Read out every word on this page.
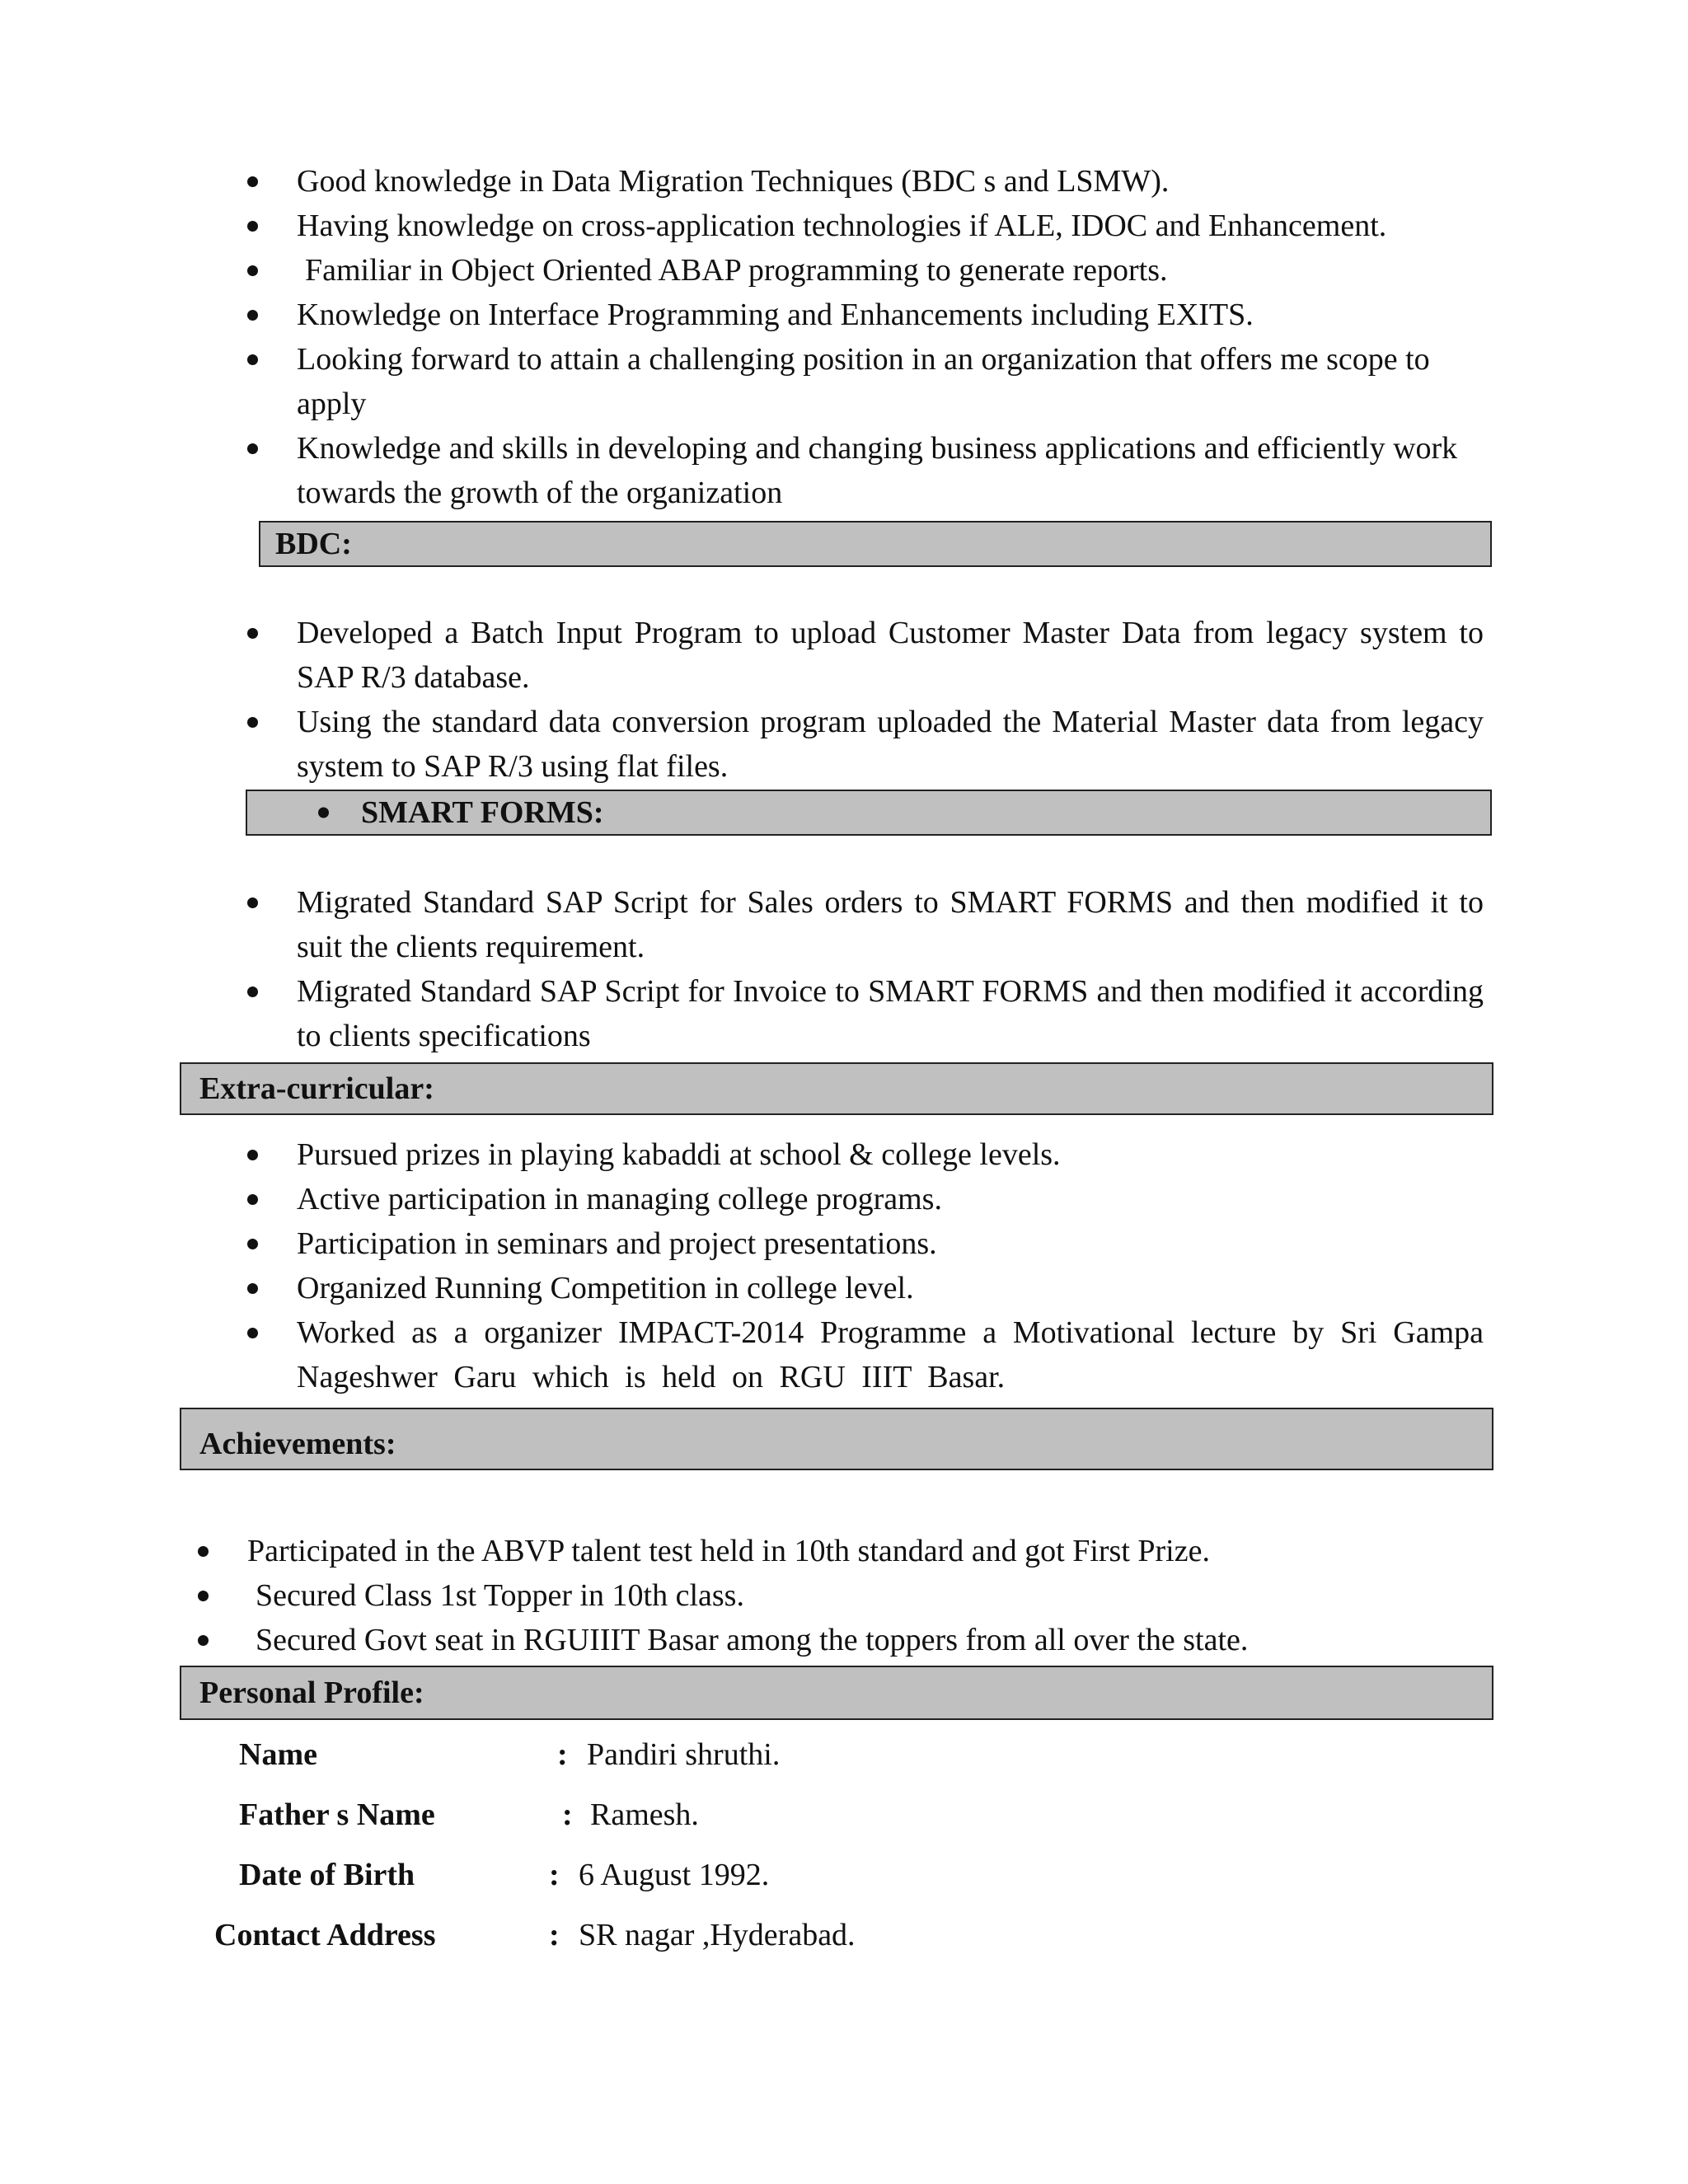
Good knowledge in Data Migration Techniques (BDC s and LSMW).
Having knowledge on cross-application technologies if ALE, IDOC and Enhancement.
Familiar in Object Oriented ABAP programming to generate reports.
Knowledge on Interface Programming and Enhancements including EXITS.
Looking forward to attain a challenging position in an organization that offers me scope to apply
Knowledge and skills in developing and changing business applications and efficiently work towards the growth of the organization
BDC:
Developed a Batch Input Program to upload Customer Master Data from legacy system to SAP R/3 database.
Using the standard data conversion program uploaded the Material Master data from legacy system to SAP R/3 using flat files.
SMART FORMS:
Migrated Standard SAP Script for Sales orders to SMART FORMS and then modified it to suit the clients requirement.
Migrated Standard SAP Script for Invoice to SMART FORMS and then modified it according to clients specifications
Extra-curricular:
Pursued prizes in playing kabaddi at school & college levels.
Active participation in managing college programs.
Participation in seminars and project presentations.
Organized Running Competition in college level.
Worked as a organizer IMPACT-2014 Programme a Motivational lecture by Sri Gampa Nageshwer Garu which is held on RGU IIIT Basar.
Achievements:
Participated in the ABVP talent test held in 10th standard and got First Prize.
Secured Class 1st Topper in 10th class.
Secured Govt seat in RGUIIIT Basar among the toppers from all over the state.
Personal Profile:
Name	: Pandiri shruthi.
Father s Name	: Ramesh.
Date of Birth	: 6 August 1992.
Contact Address	: SR nagar ,Hyderabad.
